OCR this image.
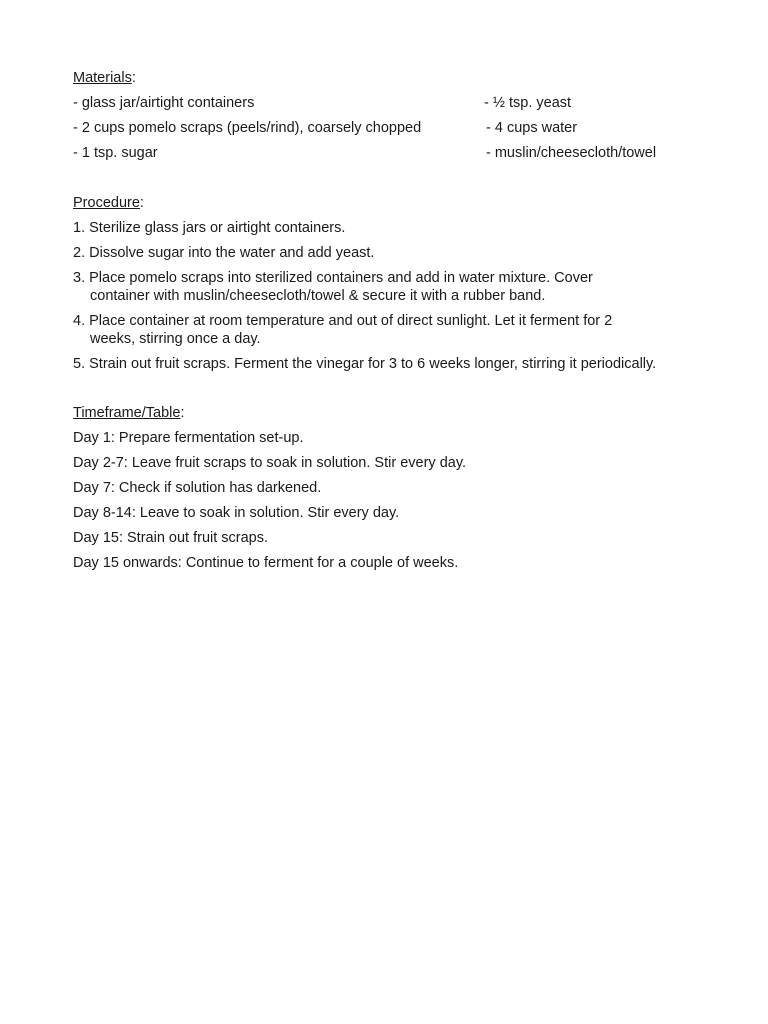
Materials:

- glass jar/airtight containers	- ½ tsp. yeast
- 2 cups pomelo scraps (peels/rind), coarsely chopped	- 4 cups water
- 1 tsp. sugar	- muslin/cheesecloth/towel

Procedure:

1. Sterilize glass jars or airtight containers.
2. Dissolve sugar into the water and add yeast.
3. Place pomelo scraps into sterilized containers and add in water mixture. Cover
container with muslin/cheesecloth/towel & secure it with a rubber band.
4. Place container at room temperature and out of direct sunlight. Let it ferment for 2
weeks, stirring once a day.
5. Strain out fruit scraps. Ferment the vinegar for 3 to 6 weeks longer, stirring it periodically.

Timeframe/Table:

Day 1: Prepare fermentation set-up.
Day 2-7: Leave fruit scraps to soak in solution. Stir every day.
Day 7: Check if solution has darkened.
Day 8-14: Leave to soak in solution. Stir every day.
Day 15: Strain out fruit scraps.
Day 15 onwards: Continue to ferment for a couple of weeks.
